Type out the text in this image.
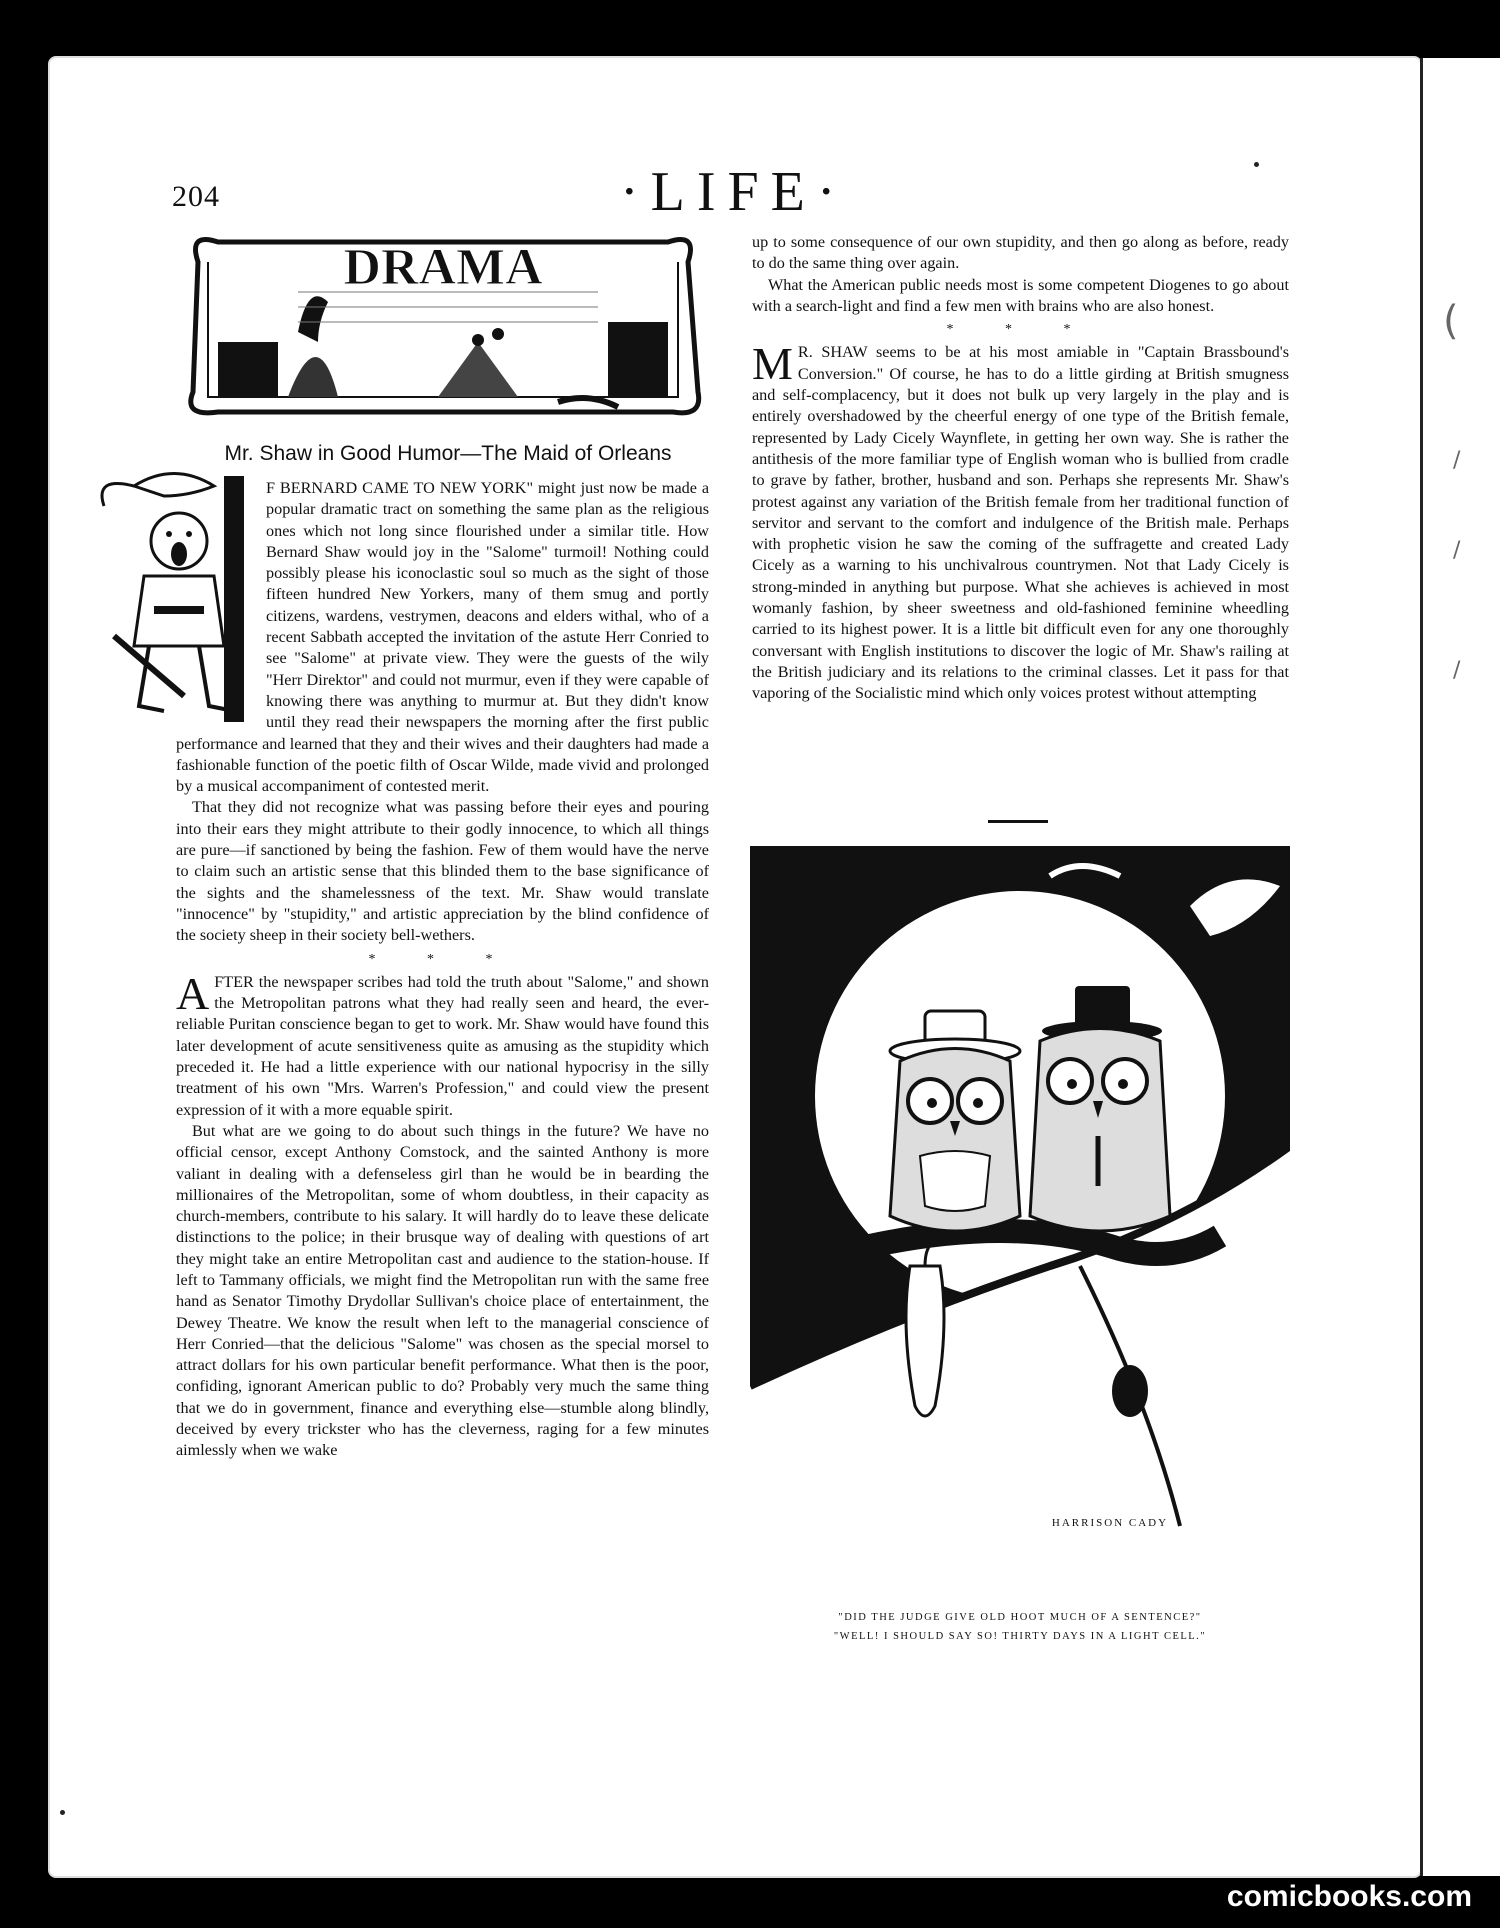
(
/
/
/
204	·LIFE·
DRAMA
Mr. Shaw in Good Humor—The Maid of Orleans

F BERNARD CAME TO NEW YORK" might just now be made a popular dramatic tract on something the same plan as the religious ones which not long since flourished under a similar title. How Bernard Shaw would joy in the "Salome" turmoil! Nothing could possibly please his iconoclastic soul so much as the sight of those fifteen hundred New Yorkers, many of them smug and portly citizens, wardens, vestrymen, deacons and elders withal, who of a recent Sabbath accepted the invitation of the astute Herr Conried to see "Salome" at private view. They were the guests of the wily "Herr Direktor" and could not murmur, even if they were capable of knowing there was anything to murmur at. But they didn't know until they read their newspapers the morning after the first public performance and learned that they and their wives and their daughters had made a fashionable function of the poetic filth of Oscar Wilde, made vivid and prolonged by a musical accompaniment of contested merit.

That they did not recognize what was passing before their eyes and pouring into their ears they might attribute to their godly innocence, to which all things are pure—if sanctioned by being the fashion. Few of them would have the nerve to claim such an artistic sense that this blinded them to the base significance of the sights and the shamelessness of the text. Mr. Shaw would translate "innocence" by "stupidity," and artistic appreciation by the blind confidence of the society sheep in their society bell-wethers.

* * *

AFTER the newspaper scribes had told the truth about "Salome," and shown the Metropolitan patrons what they had really seen and heard, the ever-reliable Puritan conscience began to get to work. Mr. Shaw would have found this later development of acute sensitiveness quite as amusing as the stupidity which preceded it. He had a little experience with our national hypocrisy in the silly treatment of his own "Mrs. Warren's Profession," and could view the present expression of it with a more equable spirit.

But what are we going to do about such things in the future? We have no official censor, except Anthony Comstock, and the sainted Anthony is more valiant in dealing with a defenseless girl than he would be in bearding the millionaires of the Metropolitan, some of whom doubtless, in their capacity as church-members, contribute to his salary. It will hardly do to leave these delicate distinctions to the police; in their brusque way of dealing with questions of art they might take an entire Metropolitan cast and audience to the station-house. If left to Tammany officials, we might find the Metropolitan run with the same free hand as Senator Timothy Drydollar Sullivan's choice place of entertainment, the Dewey Theatre. We know the result when left to the managerial conscience of Herr Conried—that the delicious "Salome" was chosen as the special morsel to attract dollars for his own particular benefit performance. What then is the poor, confiding, ignorant American public to do? Probably very much the same thing that we do in government, finance and everything else—stumble along blindly, deceived by every trickster who has the cleverness, raging for a few minutes aimlessly when we wake

up to some consequence of our own stupidity, and then go along as before, ready to do the same thing over again.

What the American public needs most is some competent Diogenes to go about with a search-light and find a few men with brains who are also honest.

* * *

M R. SHAW seems to be at his most amiable in "Captain Brassbound's Conversion." Of course, he has to do a little girding at British smugness and self-complacency, but it does not bulk up very largely in the play and is entirely overshadowed by the cheerful energy of one type of the British female, represented by Lady Cicely Waynflete, in getting her own way. She is rather the antithesis of the more familiar type of English woman who is bullied from cradle to grave by father, brother, husband and son. Perhaps she represents Mr. Shaw's protest against any variation of the British female from her traditional function of servitor and servant to the comfort and indulgence of the British male. Perhaps with prophetic vision he saw the coming of the suffragette and created Lady Cicely as a warning to his unchivalrous countrymen. Not that Lady Cicely is strong-minded in anything but purpose. What she achieves is achieved in most womanly fashion, by sheer sweetness and old-fashioned feminine wheedling carried to its highest power. It is a little bit difficult even for any one thoroughly conversant with English institutions to discover the logic of Mr. Shaw's railing at the British judiciary and its relations to the criminal classes. Let it pass for that vaporing of the Socialistic mind which only voices protest without attempting

HARRISON CADY
"DID THE JUDGE GIVE OLD HOOT MUCH OF A SENTENCE?"
"WELL! I SHOULD SAY SO! THIRTY DAYS IN A LIGHT CELL."
comicbooks.com
